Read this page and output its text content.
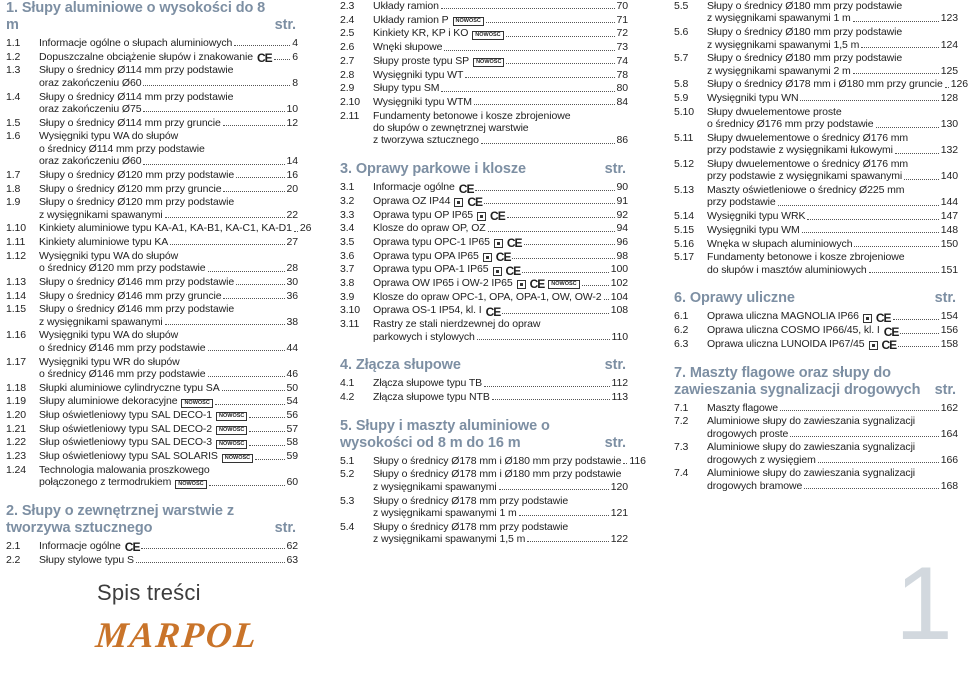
1. Słupy aluminiowe o wysokości do 8 m	str.
1.1	Informacje ogólne o słupach aluminiowych	4
1.2	Dopuszczalne obciążenie słupów i znakowanie CE 6
1.3	Słupy o średnicy Ø114 mm przy podstawie
oraz zakończeniu Ø60	8
1.4	Słupy o średnicy Ø114 mm przy podstawie
oraz zakończeniu Ø75	10
1.5	Słupy o średnicy Ø114 mm przy gruncie	12
1.6	Wysięgniki typu WA do słupów
o średnicy Ø114 mm przy podstawie
oraz zakończeniu Ø60	14
1.7	Słupy o średnicy Ø120 mm przy podstawie	16
1.8	Słupy o średnicy Ø120 mm przy gruncie	20
1.9	Słupy o średnicy Ø120 mm przy podstawie
z wysięgnikami spawanymi	22
1.10	Kinkiety aluminiowe typu KA-A1, KA-B1, KA-C1, KA-D1 26
1.11	Kinkiety aluminiowe typu KA	27
1.12	Wysięgniki typu WA do słupów
o średnicy Ø120 mm przy podstawie	28
1.13	Słupy o średnicy Ø146 mm przy podstawie	30
1.14	Słupy o średnicy Ø146 mm przy gruncie	36
1.15	Słupy o średnicy Ø146 mm przy podstawie
z wysięgnikami spawanymi	38
1.16	Wysięgniki typu WA do słupów
o średnicy Ø146 mm przy podstawie	44
1.17	Wysięgniki typu WR do słupów
o średnicy Ø146 mm przy podstawie	46
1.18	Słupki aluminiowe cylindryczne typu SA	50
1.19	Słupy aluminiowe dekoracyjne	NOWOŚĆ	54
1.20	Słup oświetleniowy typu SAL DECO-1	NOWOŚĆ	56
1.21	Słup oświetleniowy typu SAL DECO-2	NOWOŚĆ	57
1.22	Słup oświetleniowy typu SAL DECO-3	NOWOŚĆ	58
1.23	Słup oświetleniowy typu SAL SOLARIS	NOWOŚĆ	59
1.24	Technologia malowania proszkowego
połączonego z termodrukiem	NOWOŚĆ	60
2. Słupy o zewnętrznej warstwie z tworzywa sztucznego	str.
2.1	Informacje ogólne CE	62
2.2	Słupy stylowe typu S	63
2.3	Układy ramion	70
2.4	Układy ramion P	NOWOŚĆ	71
2.5	Kinkiety KR, KP i KO	NOWOŚĆ	72
2.6	Wnęki słupowe	73
2.7	Słupy proste typu SP	NOWOŚĆ	74
2.8	Wysięgniki typu WT	78
2.9	Słupy typu SM	80
2.10	Wysięgniki typu WTM	84
2.11	Fundamenty betonowe i kosze zbrojeniowe
do słupów o zewnętrznej warstwie
z tworzywa sztucznego	86
3. Oprawy parkowe i klosze	str.
3.1	Informacje ogólne CE	90
3.2	Oprawa OZ IP44 CE	91
3.3	Oprawa typu OP IP65 CE	92
3.4	Klosze do opraw OP, OZ	94
3.5	Oprawa typu OPC-1 IP65 CE	96
3.6	Oprawa typu OPA IP65 CE	98
3.7	Oprawa typu OPA-1 IP65 CE	100
3.8	Oprawa OW IP65 i OW-2 IP65 CE	NOWOŚĆ	102
3.9	Klosze do opraw OPC-1, OPA, OPA-1, OW, OW-2 104
3.10	Oprawa OS-1 IP54, kl. I CE	108
3.11	Rastry ze stali nierdzewnej do opraw
parkowych i stylowych	110
4. Złącza słupowe	str.
4.1	Złącza słupowe typu TB	112
4.2	Złącza słupowe typu NTB	113
5. Słupy i maszty aluminiowe o wysokości od 8 m do 16 m	str.
5.1	Słupy o średnicy Ø178 mm i Ø180 mm przy podstawie 116
5.2	Słupy o średnicy Ø178 mm i Ø180 mm przy podstawie
z wysięgnikami spawanymi	120
5.3	Słupy o średnicy Ø178 mm przy podstawie
z wysięgnikami spawanymi 1 m	121
5.4	Słupy o średnicy Ø178 mm przy podstawie
z wysięgnikami spawanymi 1,5 m	122
5.5	Słupy o średnicy Ø180 mm przy podstawie
z wysięgnikami spawanymi 1 m	123
5.6	Słupy o średnicy Ø180 mm przy podstawie
z wysięgnikami spawanymi 1,5 m	124
5.7	Słupy o średnicy Ø180 mm przy podstawie
z wysięgnikami spawanymi 2 m	125
5.8	Słupy o średnicy Ø178 mm i Ø180 mm przy gruncie 126
5.9	Wysięgniki typu WN	128
5.10	Słupy dwuelementowe proste
o średnicy Ø176 mm przy podstawie	130
5.11	Słupy dwuelementowe o średnicy Ø176 mm
przy podstawie z wysięgnikami łukowymi	132
5.12	Słupy dwuelementowe o średnicy Ø176 mm
przy podstawie z wysięgnikami spawanymi	140
5.13	Maszty oświetleniowe o średnicy Ø225 mm
przy podstawie	144
5.14	Wysięgniki typu WRK	147
5.15	Wysięgniki typu WM	148
5.16	Wnęka w słupach aluminiowych	150
5.17	Fundamenty betonowe i kosze zbrojeniowe
do słupów i masztów aluminiowych	151
6. Oprawy uliczne	str.
6.1	Oprawa uliczna MAGNOLIA IP66 CE	154
6.2	Oprawa uliczna COSMO IP66/45, kl. I CE	156
6.3	Oprawa uliczna LUNOIDA IP67/45 CE	158
7. Maszty flagowe oraz słupy do zawieszania sygnalizacji drogowych str.
7.1	Maszty flagowe	162
7.2	Aluminiowe słupy do zawieszania sygnalizacji
drogowych proste	164
7.3	Aluminiowe słupy do zawieszania sygnalizacji
drogowych z wysięgiem	166
7.4	Aluminiowe słupy do zawieszania sygnalizacji
drogowych bramowe	168
Spis treści
MARPOL	1
